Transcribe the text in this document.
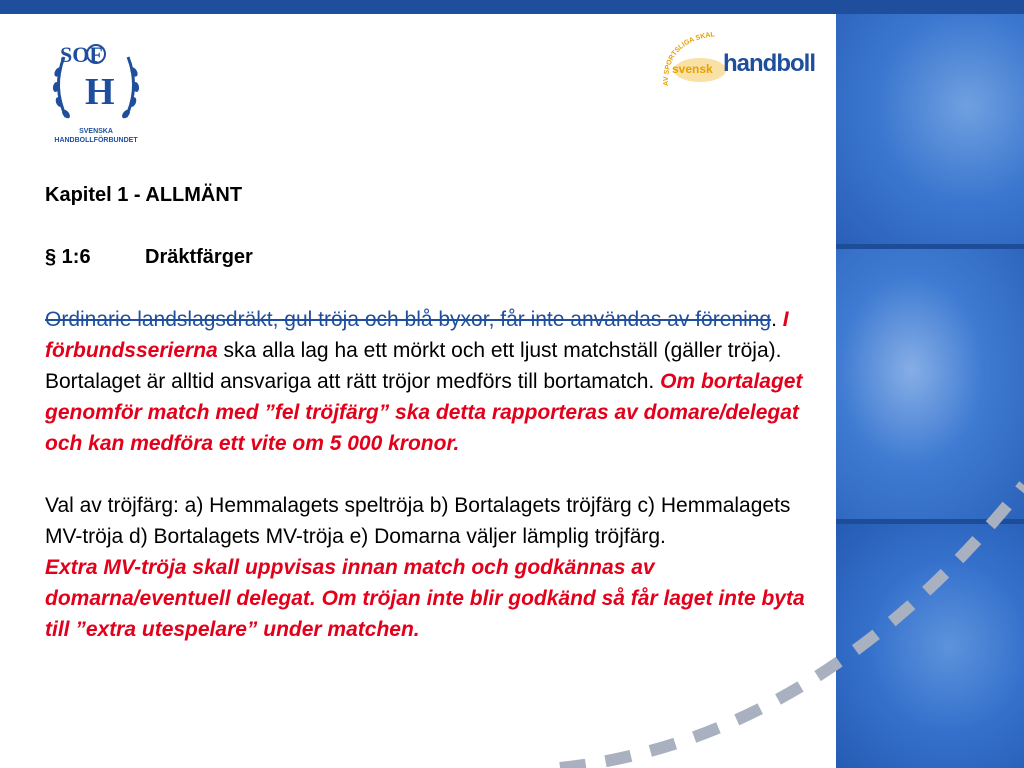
SOF
H
SVENSKA
HANDBOLLFÖRBUNDET
AV SPORTSLIGA SKÄL
svensk handboll

Kapitel 1 - ALLMÄNT

§ 1:6	Dräktfärger

Ordinarie landslagsdräkt, gul tröja och blå byxor, får inte användas av förening. I förbundsserierna ska alla lag ha ett mörkt och ett ljust matchställ (gäller tröja). Bortalaget är alltid ansvariga att rätt tröjor medförs till bortamatch. Om bortalaget genomför match med ”fel tröjfärg” ska detta rapporteras av domare/delegat och kan medföra ett vite om 5 000 kronor.

Val av tröjfärg: a) Hemmalagets speltröja b) Bortalagets tröjfärg c) Hemmalagets MV-tröja d) Bortalagets MV-tröja e) Domarna väljer lämplig tröjfärg.

Extra MV-tröja skall uppvisas innan match och godkännas av domarna/eventuell delegat. Om tröjan inte blir godkänd så får laget inte byta till ”extra utespelare” under matchen.
